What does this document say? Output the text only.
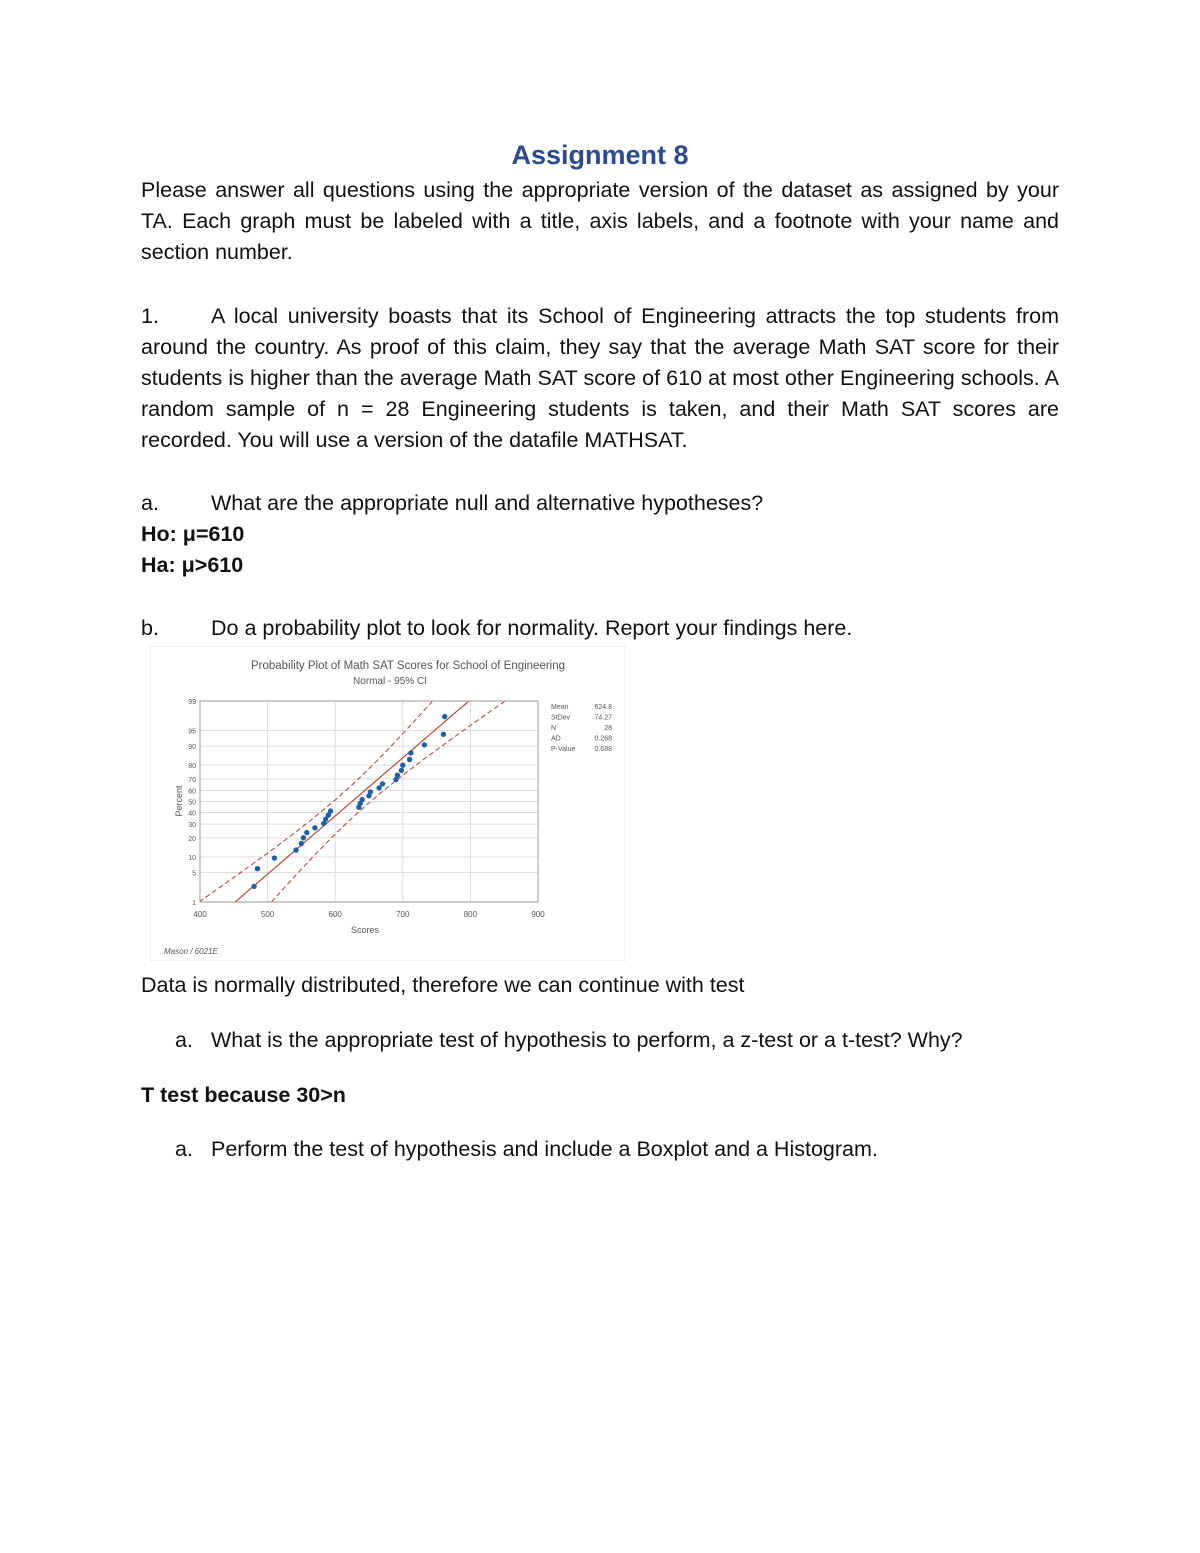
Assignment 8

Please answer all questions using the appropriate version of the dataset as assigned by your TA. Each graph must be labeled with a title, axis labels, and a footnote with your name and section number.

1. A local university boasts that its School of Engineering attracts the top students from around the country. As proof of this claim, they say that the average Math SAT score for their students is higher than the average Math SAT score of 610 at most other Engineering schools. A random sample of n = 28 Engineering students is taken, and their Math SAT scores are recorded. You will use a version of the datafile MATHSAT.

a. What are the appropriate null and alternative hypotheses?
Ho: μ=610
Ha: μ>610
b. Do a probability plot to look for normality. Report your findings here.
Probability Plot of Math SAT Scores for School of Engineering
Normal - 95% CI
400	500	600	700	800	900
1
5
10
20
30
40
50
60
70
80
90
95
99
Scores
Percent
Mean	624.8
StDev	74.27
N	28
AD	0.268
P-Value	0.688
Mason / 6021E
Data is normally distributed, therefore we can continue with test
a. What is the appropriate test of hypothesis to perform, a z-test or a t-test? Why?
T test because 30>n
a. Perform the test of hypothesis and include a Boxplot and a Histogram.
